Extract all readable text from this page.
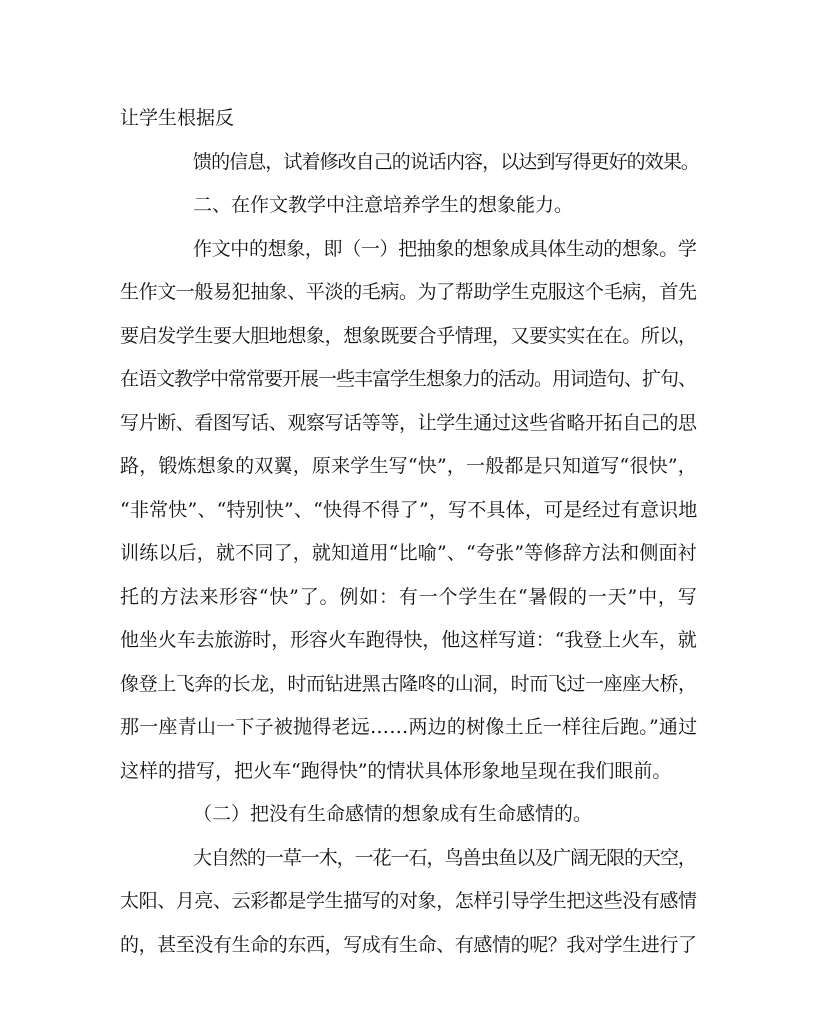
让学生根据反
馈的信息，试着修改自己的说话内容，以达到写得更好的效果。
二、在作文教学中注意培养学生的想象能力。
作文中的想象，即（一）把抽象的想象成具体生动的想象。学
生作文一般易犯抽象、平淡的毛病。为了帮助学生克服这个毛病，首先
要启发学生要大胆地想象，想象既要合乎情理，又要实实在在。所以，
在语文教学中常常要开展一些丰富学生想象力的活动。用词造句、扩句、
写片断、看图写话、观察写话等等，让学生通过这些省略开拓自己的思
路，锻炼想象的双翼，原来学生写“快”，一般都是只知道写“很快”，
“非常快”、“特别快”、“快得不得了”，写不具体，可是经过有意识地
训练以后，就不同了，就知道用“比喻”、“夸张”等修辞方法和侧面衬
托的方法来形容“快”了。例如：有一个学生在“暑假的一天”中，写
他坐火车去旅游时，形容火车跑得快，他这样写道：“我登上火车，就
像登上飞奔的长龙，时而钻进黑古隆咚的山洞，时而飞过一座座大桥，
那一座青山一下子被抛得老远……两边的树像土丘一样往后跑。”通过
这样的措写，把火车“跑得快”的情状具体形象地呈现在我们眼前。
（二）把没有生命感情的想象成有生命感情的。
大自然的一草一木，一花一石，鸟兽虫鱼以及广阔无限的天空，
太阳、月亮、云彩都是学生描写的对象，怎样引导学生把这些没有感情
的，甚至没有生命的东西，写成有生命、有感情的呢？我对学生进行了
